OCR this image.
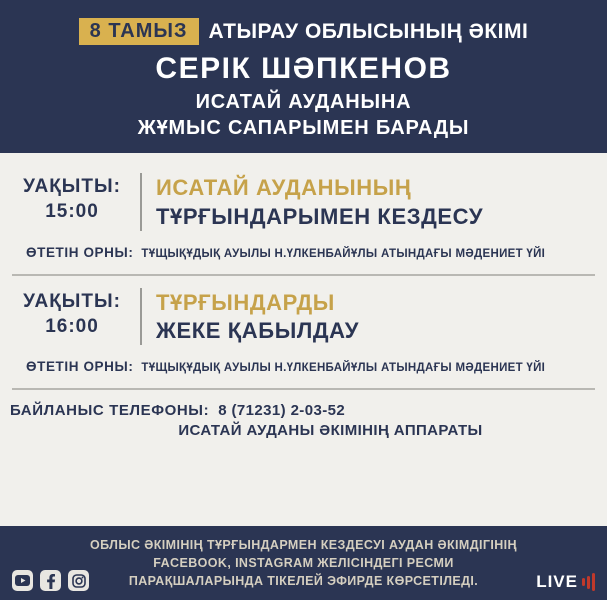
8 ТАМЫЗ	АТЫРАУ ОБЛЫСЫНЫҢ ӘКІМІ
СЕРІК ШӘПКЕНОВ
ИСАТАЙ АУДАНЫНА
ЖҰМЫС САПАРЫМЕН БАРАДЫ
УАҚЫТЫ:
15:00
ИСАТАЙ АУДАНЫНЫҢ
ТҰРҒЫНДАРЫМЕН КЕЗДЕСУ
ӨТЕТІН ОРНЫ: ТҰЩЫҚҰДЫҚ АУЫЛЫ Н.ҮЛКЕНБАЙҰЛЫ АТЫНДАҒЫ МӘДЕНИЕТ ҮЙІ
УАҚЫТЫ:
16:00
ТҰРҒЫНДАРДЫ
ЖЕКЕ ҚАБЫЛДАУ
ӨТЕТІН ОРНЫ: ТҰЩЫҚҰДЫҚ АУЫЛЫ Н.ҮЛКЕНБАЙҰЛЫ АТЫНДАҒЫ МӘДЕНИЕТ ҮЙІ
БАЙЛАНЫС ТЕЛЕФОНЫ: 8 (71231) 2-03-52
ИСАТАЙ АУДАНЫ ӘКІМІНІҢ АППАРАТЫ
ОБЛЫС ӘКІМІНІҢ ТҰРҒЫНДАРМЕН КЕЗДЕСУІ АУДАН ӘКІМДІГІНІҢ
FACEBOOK, INSTAGRAM ЖЕЛІСІНДЕГІ РЕСМИ
ПАРАҚШАЛАРЫНДА ТІКЕЛЕЙ ЭФИРДЕ КӨРСЕТІЛЕДІ.	LIVE
